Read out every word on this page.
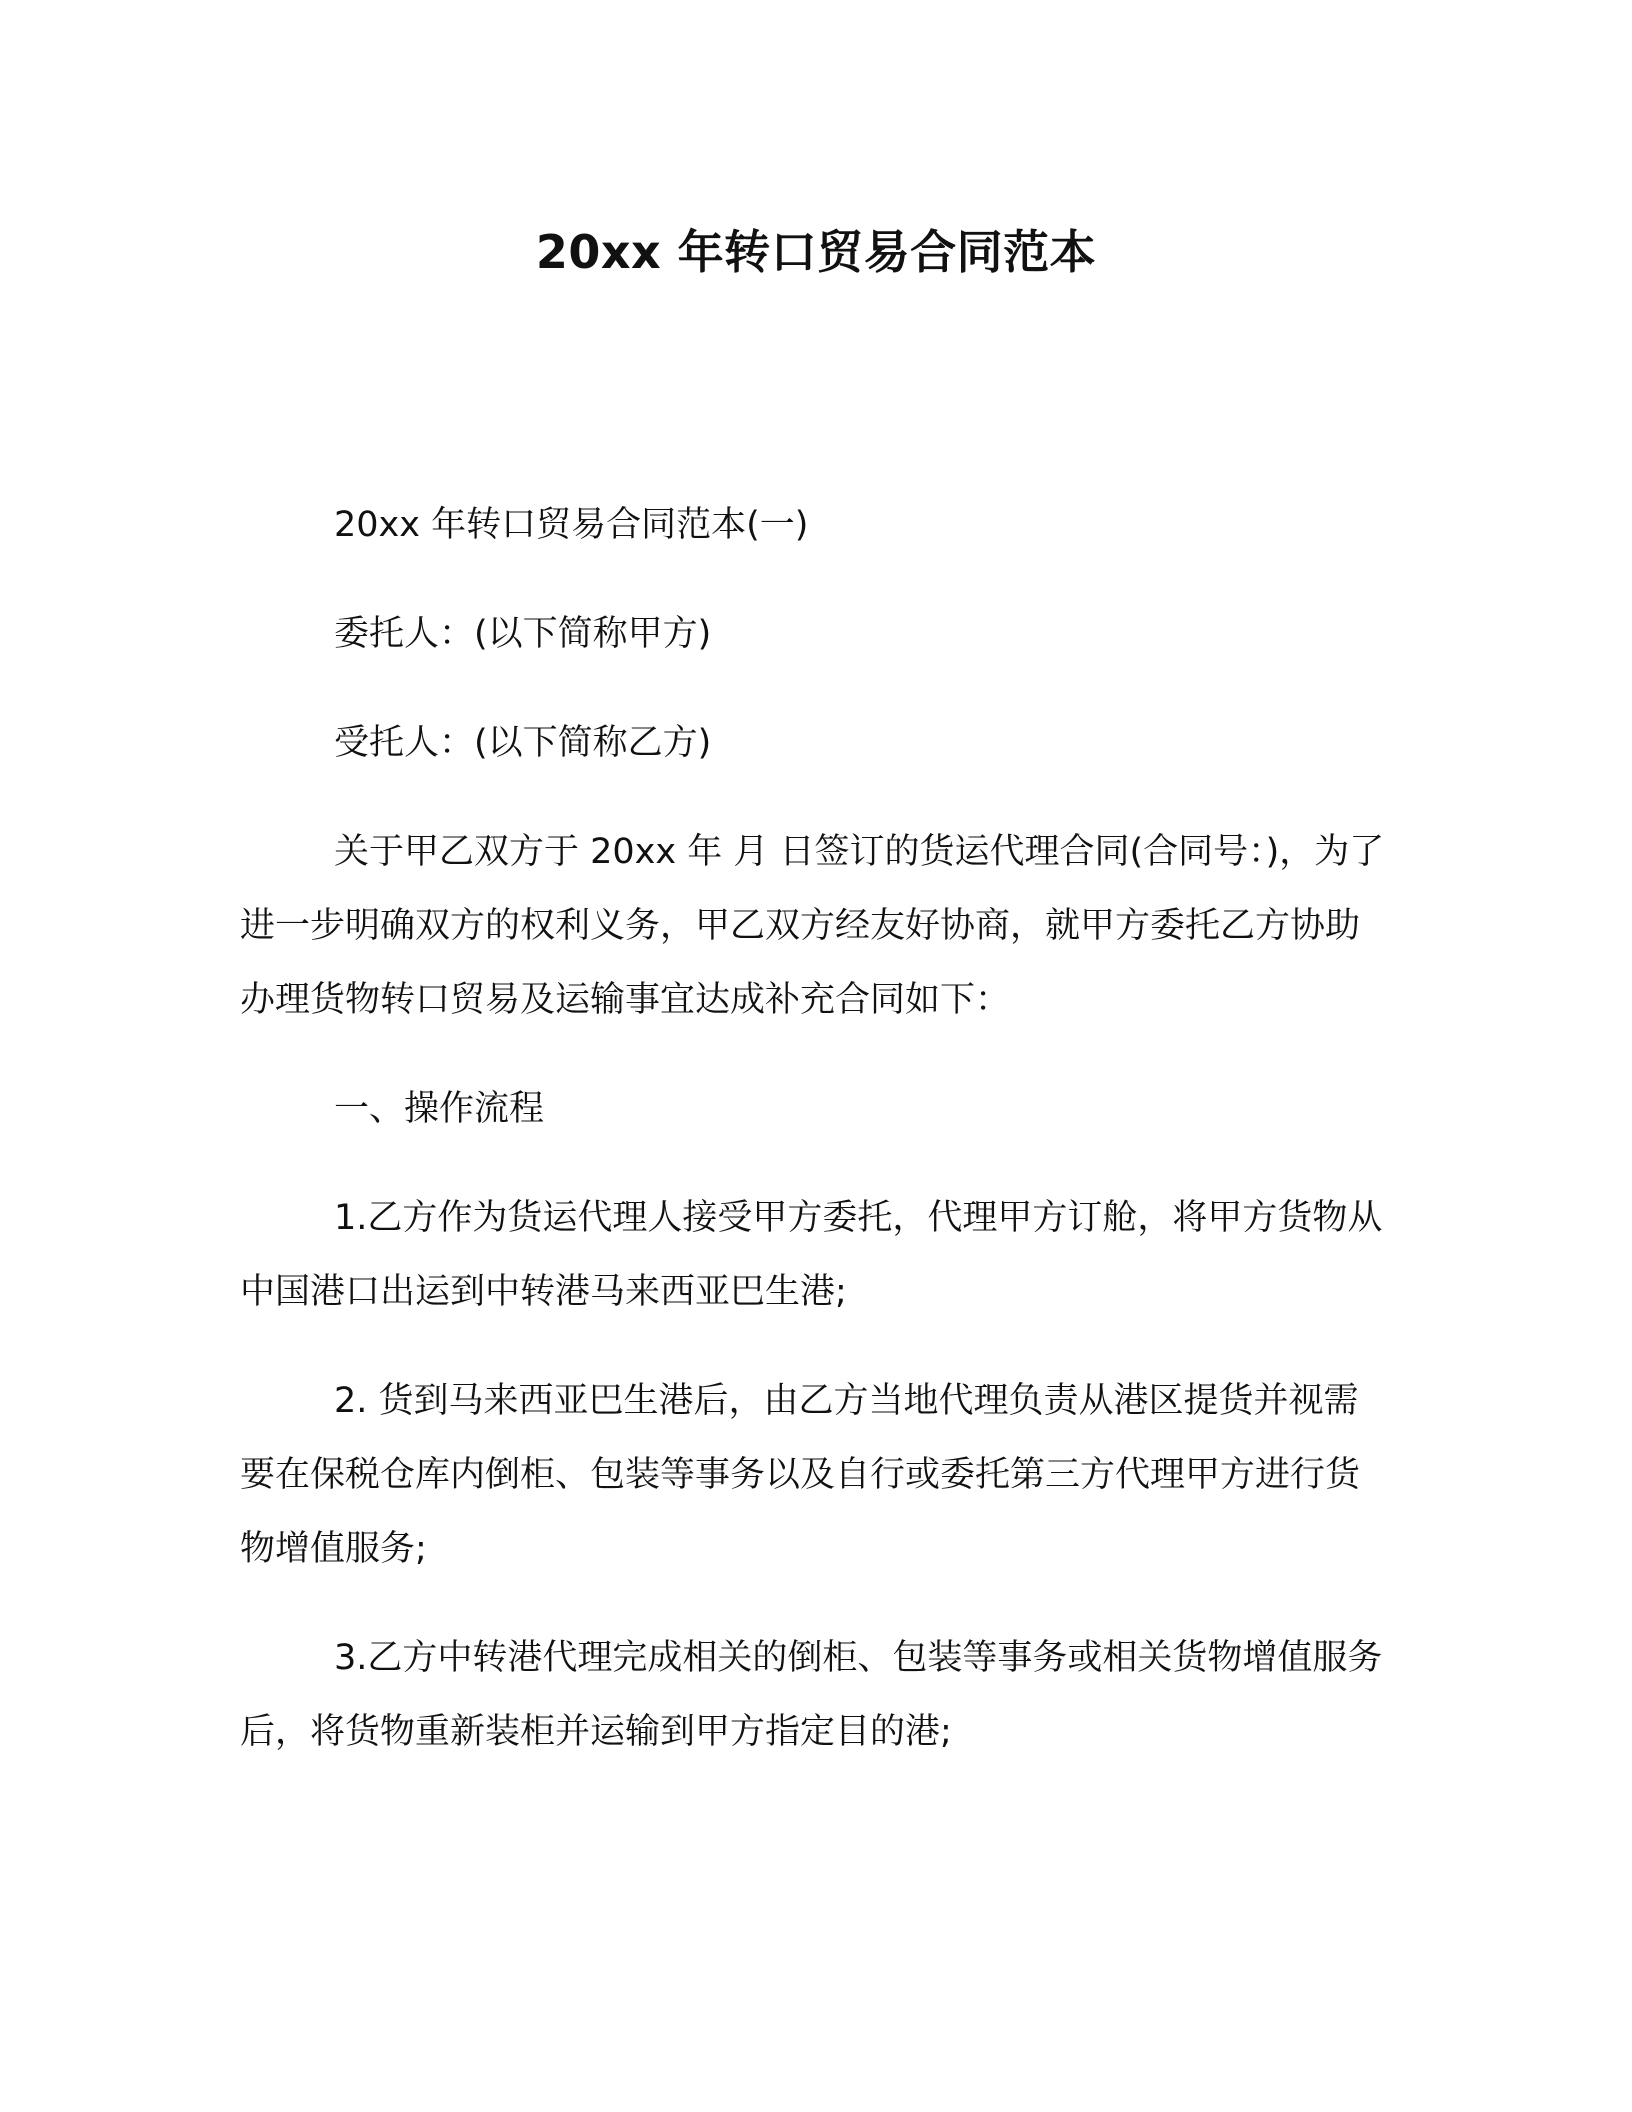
20xx 年转口贸易合同范本

20xx 年转口贸易合同范本(一)

委托人：(以下简称甲方)

受托人：(以下简称乙方)

关于甲乙双方于 20xx 年 月 日签订的货运代理合同(合同号：)，为了进一步明确双方的权利义务，甲乙双方经友好协商，就甲方委托乙方协助办理货物转口贸易及运输事宜达成补充合同如下：

一、操作流程

1.乙方作为货运代理人接受甲方委托，代理甲方订舱，将甲方货物从中国港口出运到中转港马来西亚巴生港;

2. 货到马来西亚巴生港后，由乙方当地代理负责从港区提货并视需要在保税仓库内倒柜、包装等事务以及自行或委托第三方代理甲方进行货物增值服务;

3.乙方中转港代理完成相关的倒柜、包装等事务或相关货物增值服务后，将货物重新装柜并运输到甲方指定目的港;
